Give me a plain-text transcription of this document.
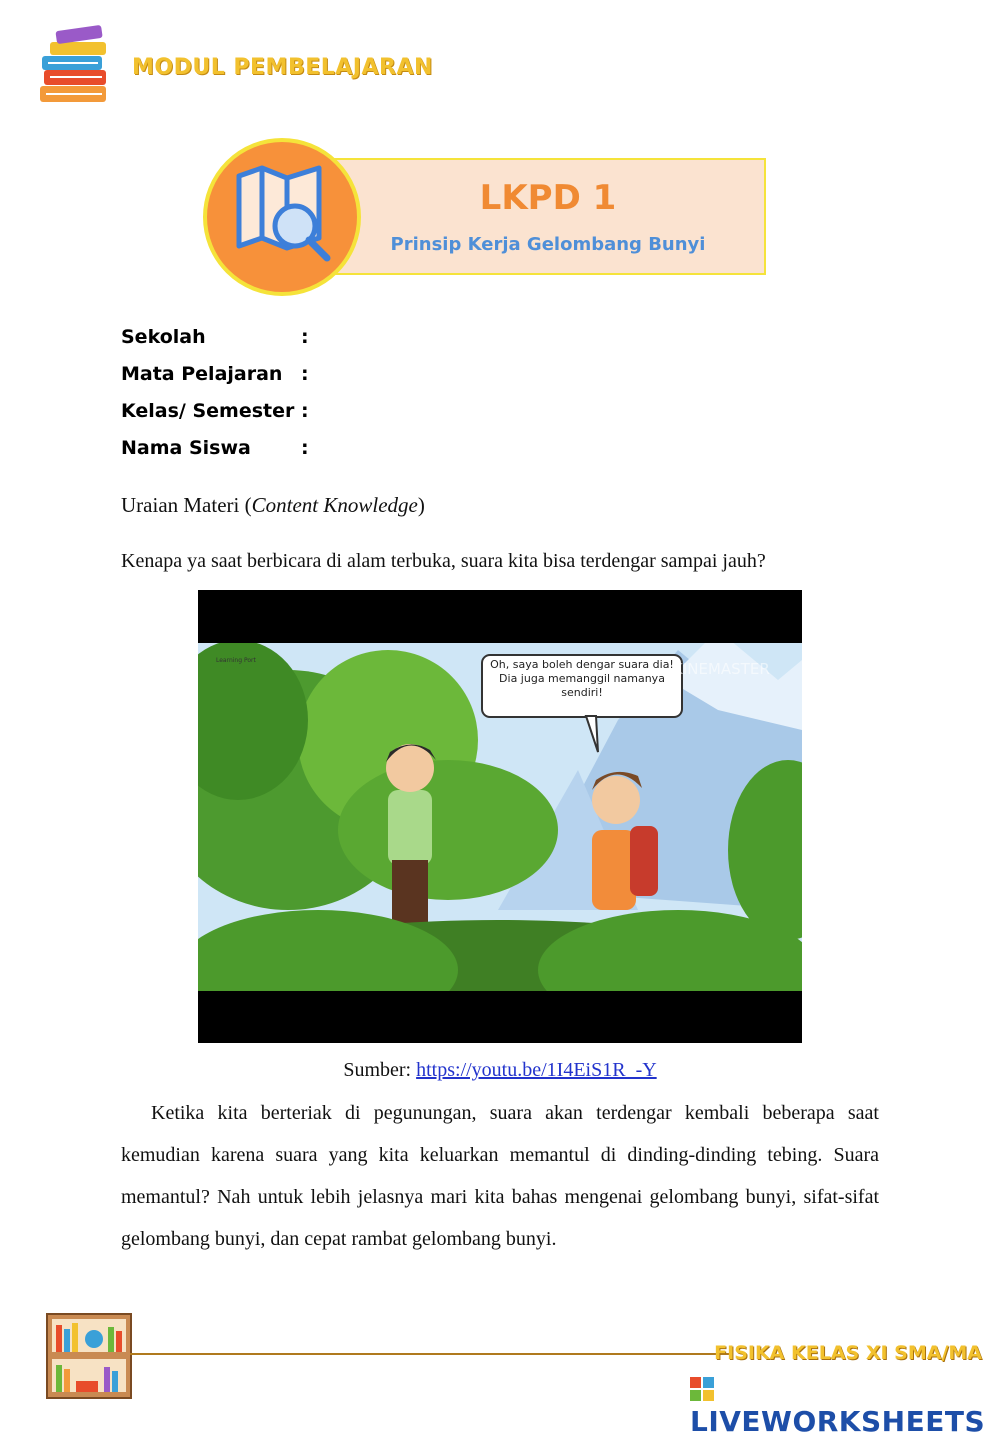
MODUL PEMBELAJARAN
LKPD 1
Prinsip Kerja Gelombang Bunyi
Sekolah	:
Mata Pelajaran :
Kelas/ Semester :
Nama Siswa	:
Uraian Materi (Content Knowledge)
Kenapa ya saat berbicara di alam terbuka, suara kita bisa terdengar sampai jauh?
Oh, saya boleh dengar suara dia! Dia juga memanggil namanya sendiri!
Learning Port	KINEMASTER
Sumber: https://youtu.be/1I4EiS1R_-Y
Ketika kita berteriak di pegunungan, suara akan terdengar kembali beberapa saat kemudian karena suara yang kita keluarkan memantul di dinding-dinding tebing. Suara memantul? Nah untuk lebih jelasnya mari kita bahas mengenai gelombang bunyi, sifat-sifat gelombang bunyi, dan cepat rambat gelombang bunyi.
FISIKA KELAS XI SMA/MA
LIVEWORKSHEETS
